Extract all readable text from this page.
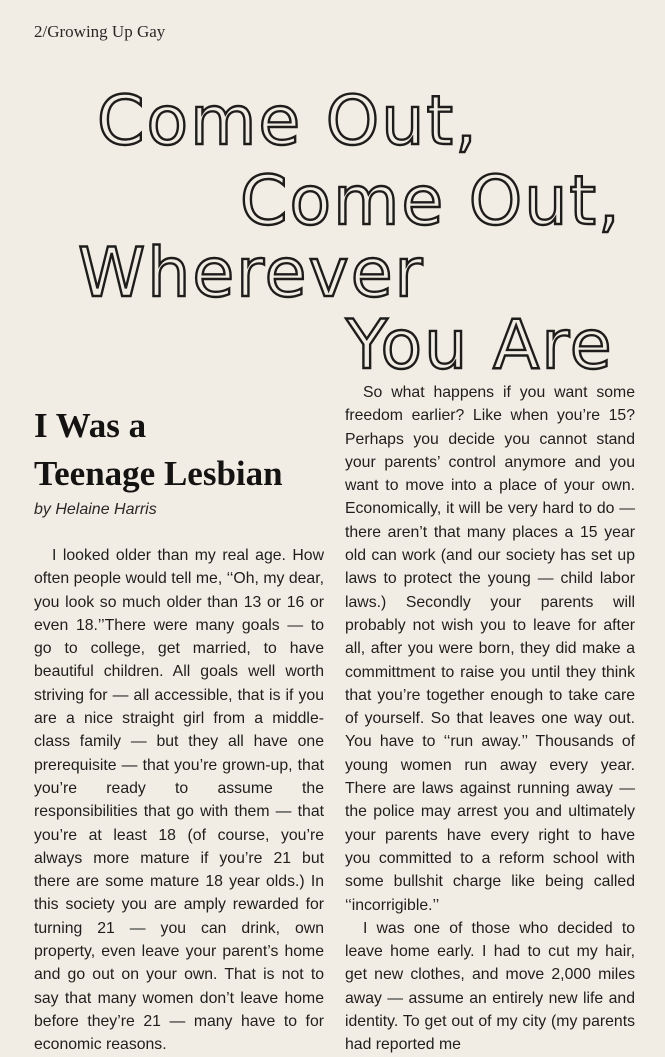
2/Growing Up Gay
Come Out,
Come Out,
Wherever
You Are
I Was a
Teenage Lesbian
by Helaine Harris

I looked older than my real age. How often people would tell me, ‘‘Oh, my dear, you look so much older than 13 or 16 or even 18.’’There were many goals — to go to college, get married, to have beautiful children. All goals well worth striving for — all accessible, that is if you are a nice straight girl from a middle-class family — but they all have one prerequisite — that you’re grown-up, that you’re ready to assume the responsibilities that go with them — that you’re at least 18 (of course, you’re always more mature if you’re 21 but there are some mature 18 year olds.) In this society you are amply rewarded for turning 21 — you can drink, own property, even leave your parent’s home and go out on your own. That is not to say that many women don’t leave home before they’re 21 — many have to for economic reasons.

So what happens if you want some freedom earlier? Like when you’re 15? Perhaps you decide you cannot stand your parents’ control anymore and you want to move into a place of your own. Economically, it will be very hard to do — there aren’t that many places a 15 year old can work (and our society has set up laws to protect the young — child labor laws.) Secondly your parents will probably not wish you to leave for after all, after you were born, they did make a committment to raise you until they think that you’re together enough to take care of yourself. So that leaves one way out. You have to ‘‘run away.’’ Thousands of young women run away every year. There are laws against running away — the police may arrest you and ultimately your parents have every right to have you committed to a reform school with some bullshit charge like being called ‘‘incorrigible.’’

I was one of those who decided to leave home early. I had to cut my hair, get new clothes, and move 2,000 miles away — assume an entirely new life and identity. To get out of my city (my parents had reported me
